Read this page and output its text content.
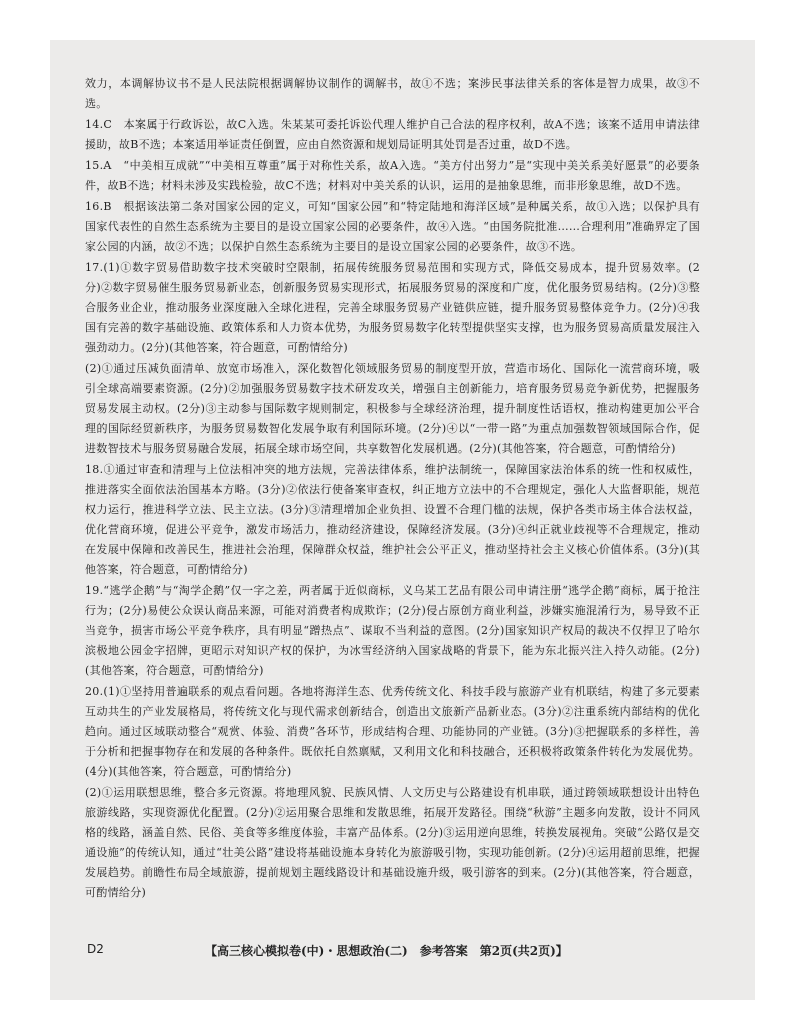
效力，本调解协议书不是人民法院根据调解协议制作的调解书，故①不选；案涉民事法律关系的客体是智力成果，故③不选。

14.C　本案属于行政诉讼，故C入选。朱某某可委托诉讼代理人维护自己合法的程序权利，故A不选；该案不适用申请法律援助，故B不选；本案适用举证责任倒置，应由自然资源和规划局证明其处罚是否过重，故D不选。

15.A　“中美相互成就”“中美相互尊重”属于对称性关系，故A入选。“美方付出努力”是“实现中美关系美好愿景”的必要条件，故B不选；材料未涉及实践检验，故C不选；材料对中美关系的认识，运用的是抽象思维，而非形象思维，故D不选。

16.B　根据该法第二条对国家公园的定义，可知“国家公园”和“特定陆地和海洋区域”是种属关系，故①入选；以保护具有国家代表性的自然生态系统为主要目的是设立国家公园的必要条件，故④入选。“由国务院批准……合理利用”准确界定了国家公园的内涵，故②不选；以保护自然生态系统为主要目的是设立国家公园的必要条件，故③不选。

17.(1)①数字贸易借助数字技术突破时空限制，拓展传统服务贸易范围和实现方式，降低交易成本，提升贸易效率。(2分)②数字贸易催生服务贸易新业态，创新服务贸易实现形式，拓展服务贸易的深度和广度，优化服务贸易结构。(2分)③整合服务业企业，推动服务业深度融入全球化进程，完善全球服务贸易产业链供应链，提升服务贸易整体竞争力。(2分)④我国有完善的数字基础设施、政策体系和人力资本优势，为服务贸易数字化转型提供坚实支撑，也为服务贸易高质量发展注入强劲动力。(2分)(其他答案，符合题意，可酌情给分)

(2)①通过压减负面清单、放宽市场准入，深化数智化领域服务贸易的制度型开放，营造市场化、国际化一流营商环境，吸引全球高端要素资源。(2分)②加强服务贸易数字技术研发攻关，增强自主创新能力，培育服务贸易竞争新优势，把握服务贸易发展主动权。(2分)③主动参与国际数字规则制定，积极参与全球经济治理，提升制度性话语权，推动构建更加公平合理的国际经贸新秩序，为服务贸易数智化发展争取有利国际环境。(2分)④以“一带一路”为重点加强数智领域国际合作，促进数智技术与服务贸易融合发展，拓展全球市场空间，共享数智化发展机遇。(2分)(其他答案，符合题意，可酌情给分)

18.①通过审查和清理与上位法相冲突的地方法规，完善法律体系，维护法制统一，保障国家法治体系的统一性和权威性，推进落实全面依法治国基本方略。(3分)②依法行使备案审查权，纠正地方立法中的不合理规定，强化人大监督职能，规范权力运行，推进科学立法、民主立法。(3分)③清理增加企业负担、设置不合理门槛的法规，保护各类市场主体合法权益，优化营商环境，促进公平竞争，激发市场活力，推动经济建设，保障经济发展。(3分)④纠正就业歧视等不合理规定，推动在发展中保障和改善民生，推进社会治理，保障群众权益，维护社会公平正义，推动坚持社会主义核心价值体系。(3分)(其他答案，符合题意，可酌情给分)

19.“逃学企鹅”与“淘学企鹅”仅一字之差，两者属于近似商标，义乌某工艺品有限公司申请注册“逃学企鹅”商标，属于抢注行为；(2分)易使公众误认商品来源，可能对消费者构成欺诈；(2分)侵占原创方商业利益，涉嫌实施混淆行为，易导致不正当竞争，损害市场公平竞争秩序，具有明显“蹭热点”、谋取不当利益的意图。(2分)国家知识产权局的裁决不仅捍卫了哈尔滨极地公园金字招牌，更昭示对知识产权的保护，为冰雪经济纳入国家战略的背景下，能为东北振兴注入持久动能。(2分)(其他答案，符合题意，可酌情给分)

20.(1)①坚持用普遍联系的观点看问题。各地将海洋生态、优秀传统文化、科技手段与旅游产业有机联结，构建了多元要素互动共生的产业发展格局，将传统文化与现代需求创新结合，创造出文旅新产品新业态。(3分)②注重系统内部结构的优化趋向。通过区域联动整合“观赏、体验、消费”各环节，形成结构合理、功能协同的产业链。(3分)③把握联系的多样性，善于分析和把握事物存在和发展的各种条件。既依托自然禀赋，又利用文化和科技融合，还积极将政策条件转化为发展优势。(4分)(其他答案，符合题意，可酌情给分)

(2)①运用联想思维，整合多元资源。将地理风貌、民族风情、人文历史与公路建设有机串联，通过跨领域联想设计出特色旅游线路，实现资源优化配置。(2分)②运用聚合思维和发散思维，拓展开发路径。围绕“秋游”主题多向发散，设计不同风格的线路，涵盖自然、民俗、美食等多维度体验，丰富产品体系。(2分)③运用逆向思维，转换发展视角。突破“公路仅是交通设施”的传统认知，通过“壮美公路”建设将基础设施本身转化为旅游吸引物，实现功能创新。(2分)④运用超前思维，把握发展趋势。前瞻性布局全域旅游，提前规划主题线路设计和基础设施升级，吸引游客的到来。(2分)(其他答案，符合题意，可酌情给分)

D2	【高三核心模拟卷(中)・思想政治(二)　参考答案　第2页(共2页)】
